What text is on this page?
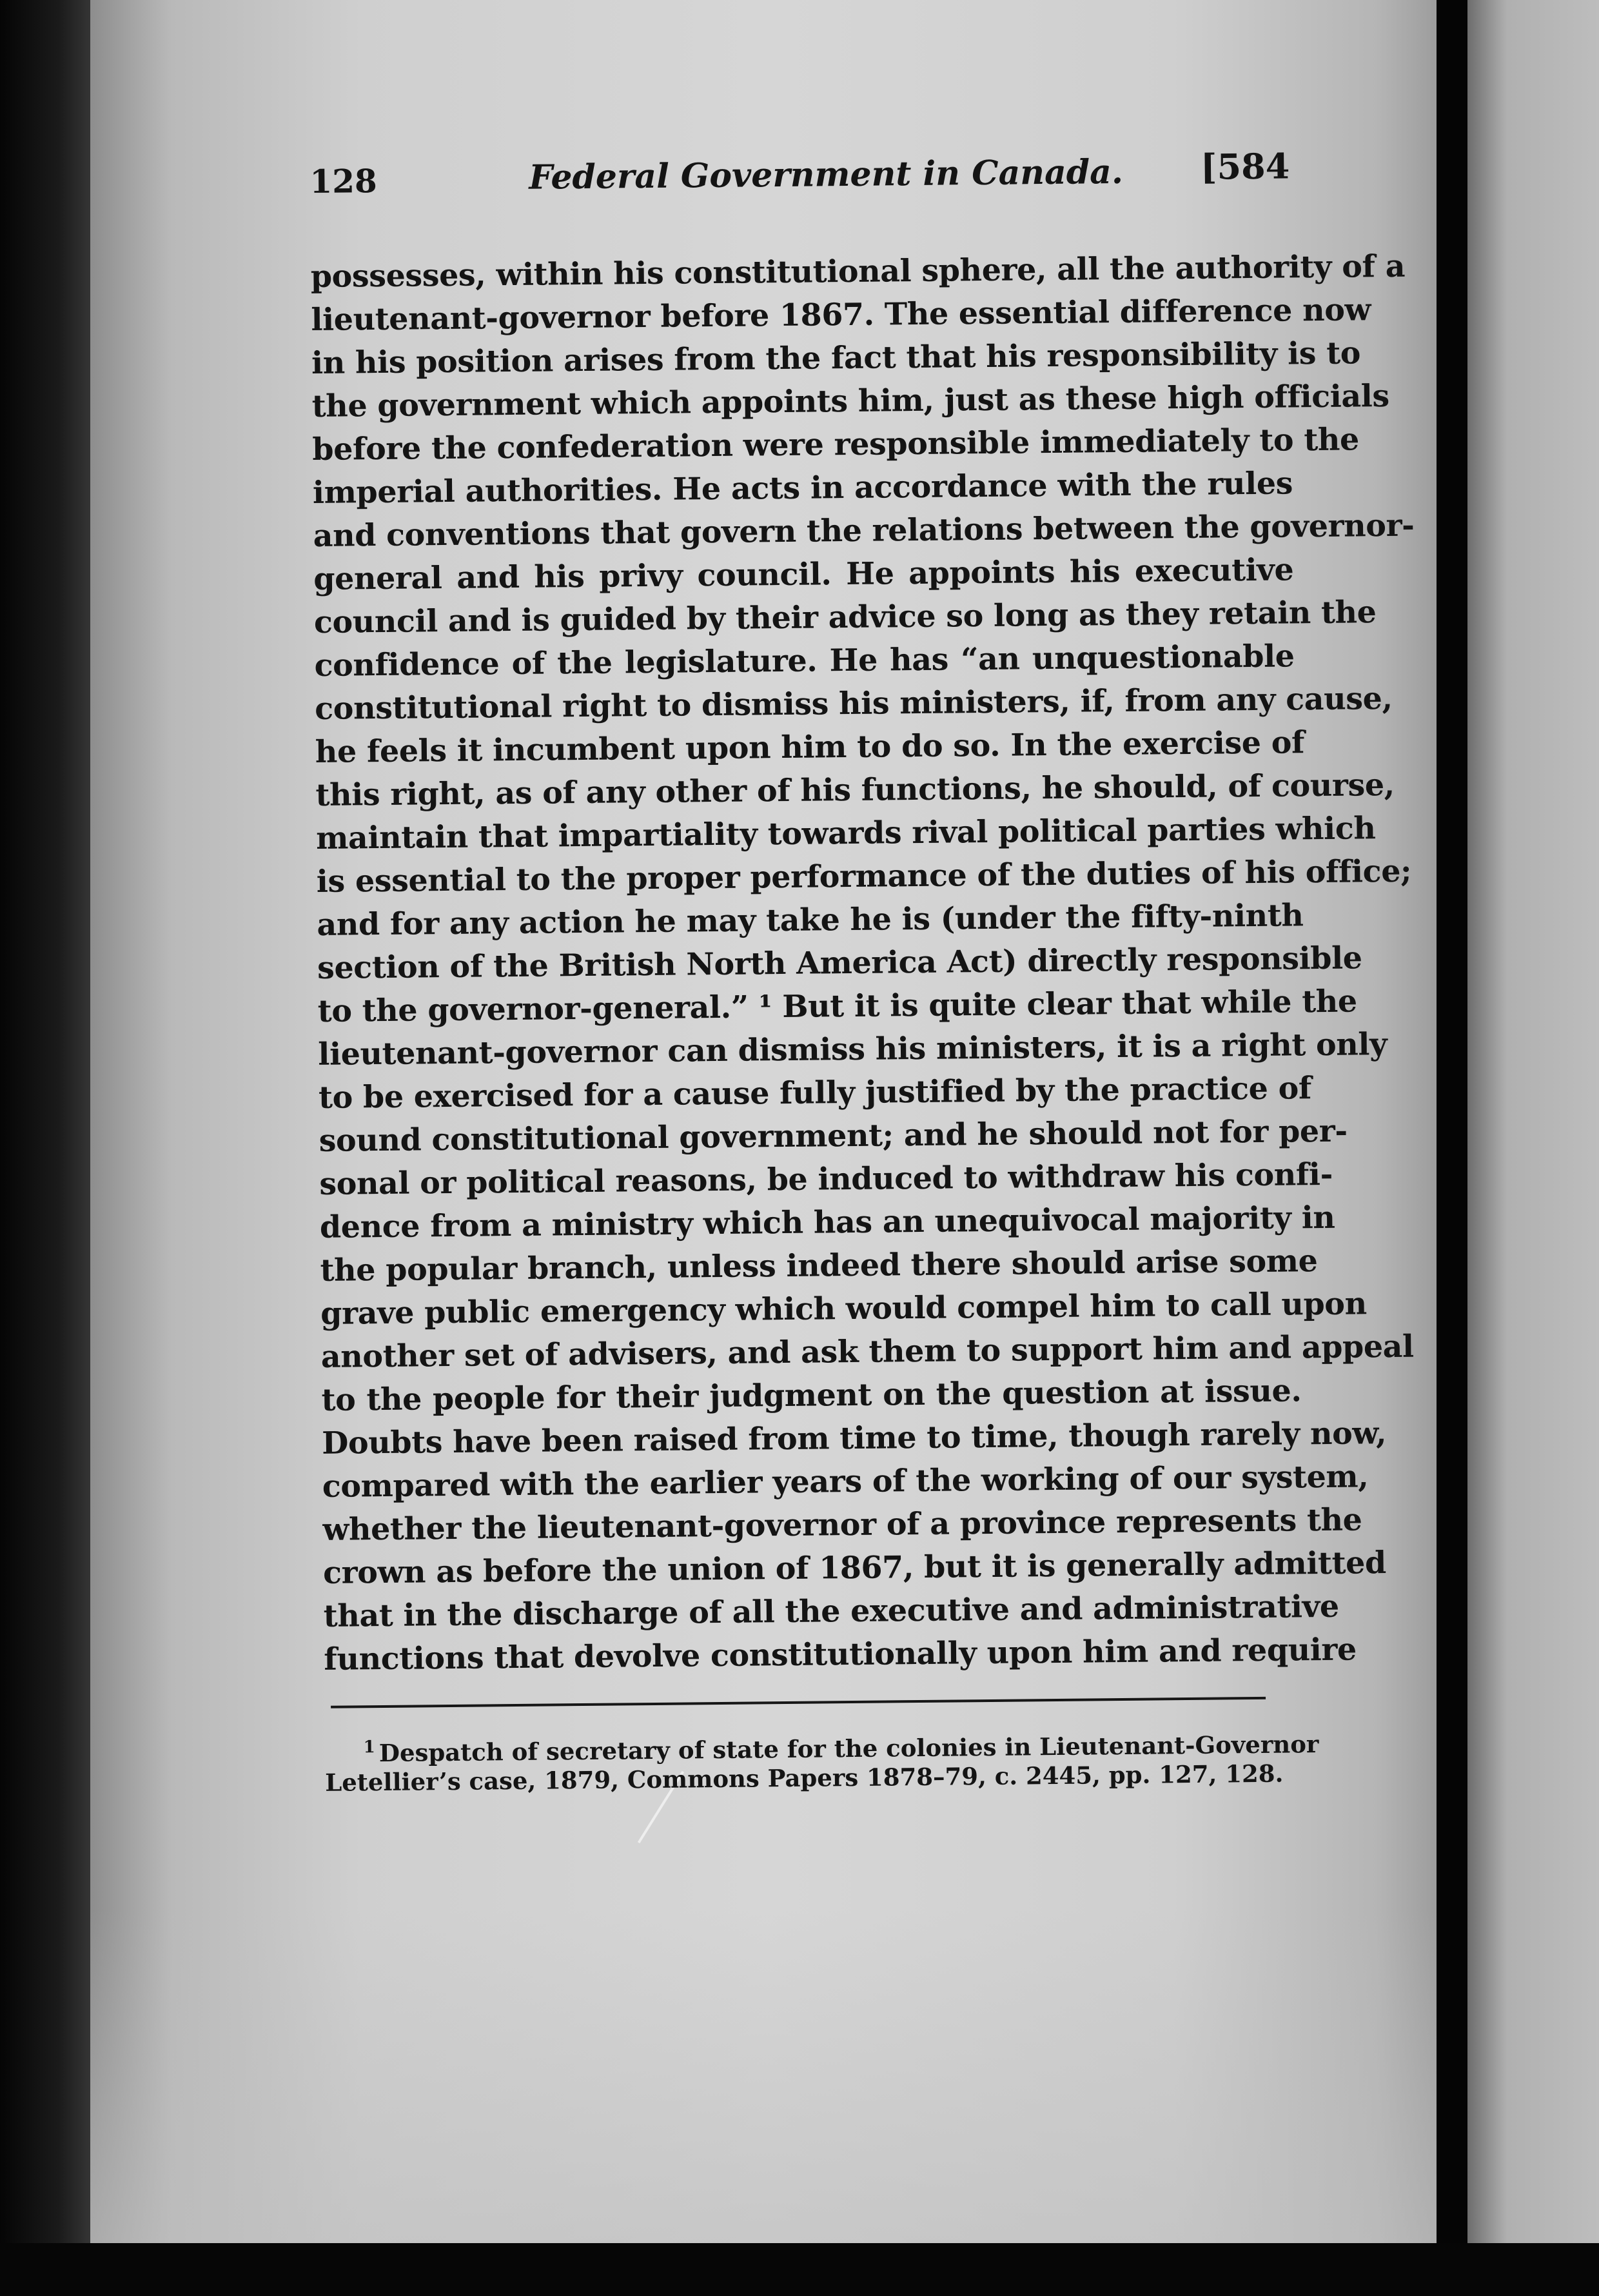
128	Federal Government in Canada. [584
possesses, within his constitutional sphere, all the authority of a
lieutenant-governor before 1867. The essential difference now
in his position arises from the fact that his responsibility is to
the government which appoints him, just as these high officials
before the confederation were responsible immediately to the
imperial authorities. He acts in accordance with the rules
and conventions that govern the relations between the governor-
general and his privy council. He appoints his executive
council and is guided by their advice so long as they retain the
confidence of the legislature. He has “an unquestionable
constitutional right to dismiss his ministers, if, from any cause,
he feels it incumbent upon him to do so. In the exercise of
this right, as of any other of his functions, he should, of course,
maintain that impartiality towards rival political parties which
is essential to the proper performance of the duties of his office;
and for any action he may take he is (under the fifty-ninth
section of the British North America Act) directly responsible
to the governor-general.” ¹ But it is quite clear that while the
lieutenant-governor can dismiss his ministers, it is a right only
to be exercised for a cause fully justified by the practice of
sound constitutional government; and he should not for per-
sonal or political reasons, be induced to withdraw his confi-
dence from a ministry which has an unequivocal majority in
the popular branch, unless indeed there should arise some
grave public emergency which would compel him to call upon
another set of advisers, and ask them to support him and appeal
to the people for their judgment on the question at issue.
Doubts have been raised from time to time, though rarely now,
compared with the earlier years of the working of our system,
whether the lieutenant-governor of a province represents the
crown as before the union of 1867, but it is generally admitted
that in the discharge of all the executive and administrative
functions that devolve constitutionally upon him and require
$^1$ Despatch of secretary of state for the colonies in Lieutenant-Governor
Letellier’s case, 1879, Commons Papers 1878–79, c. 2445, pp. 127, 128.
